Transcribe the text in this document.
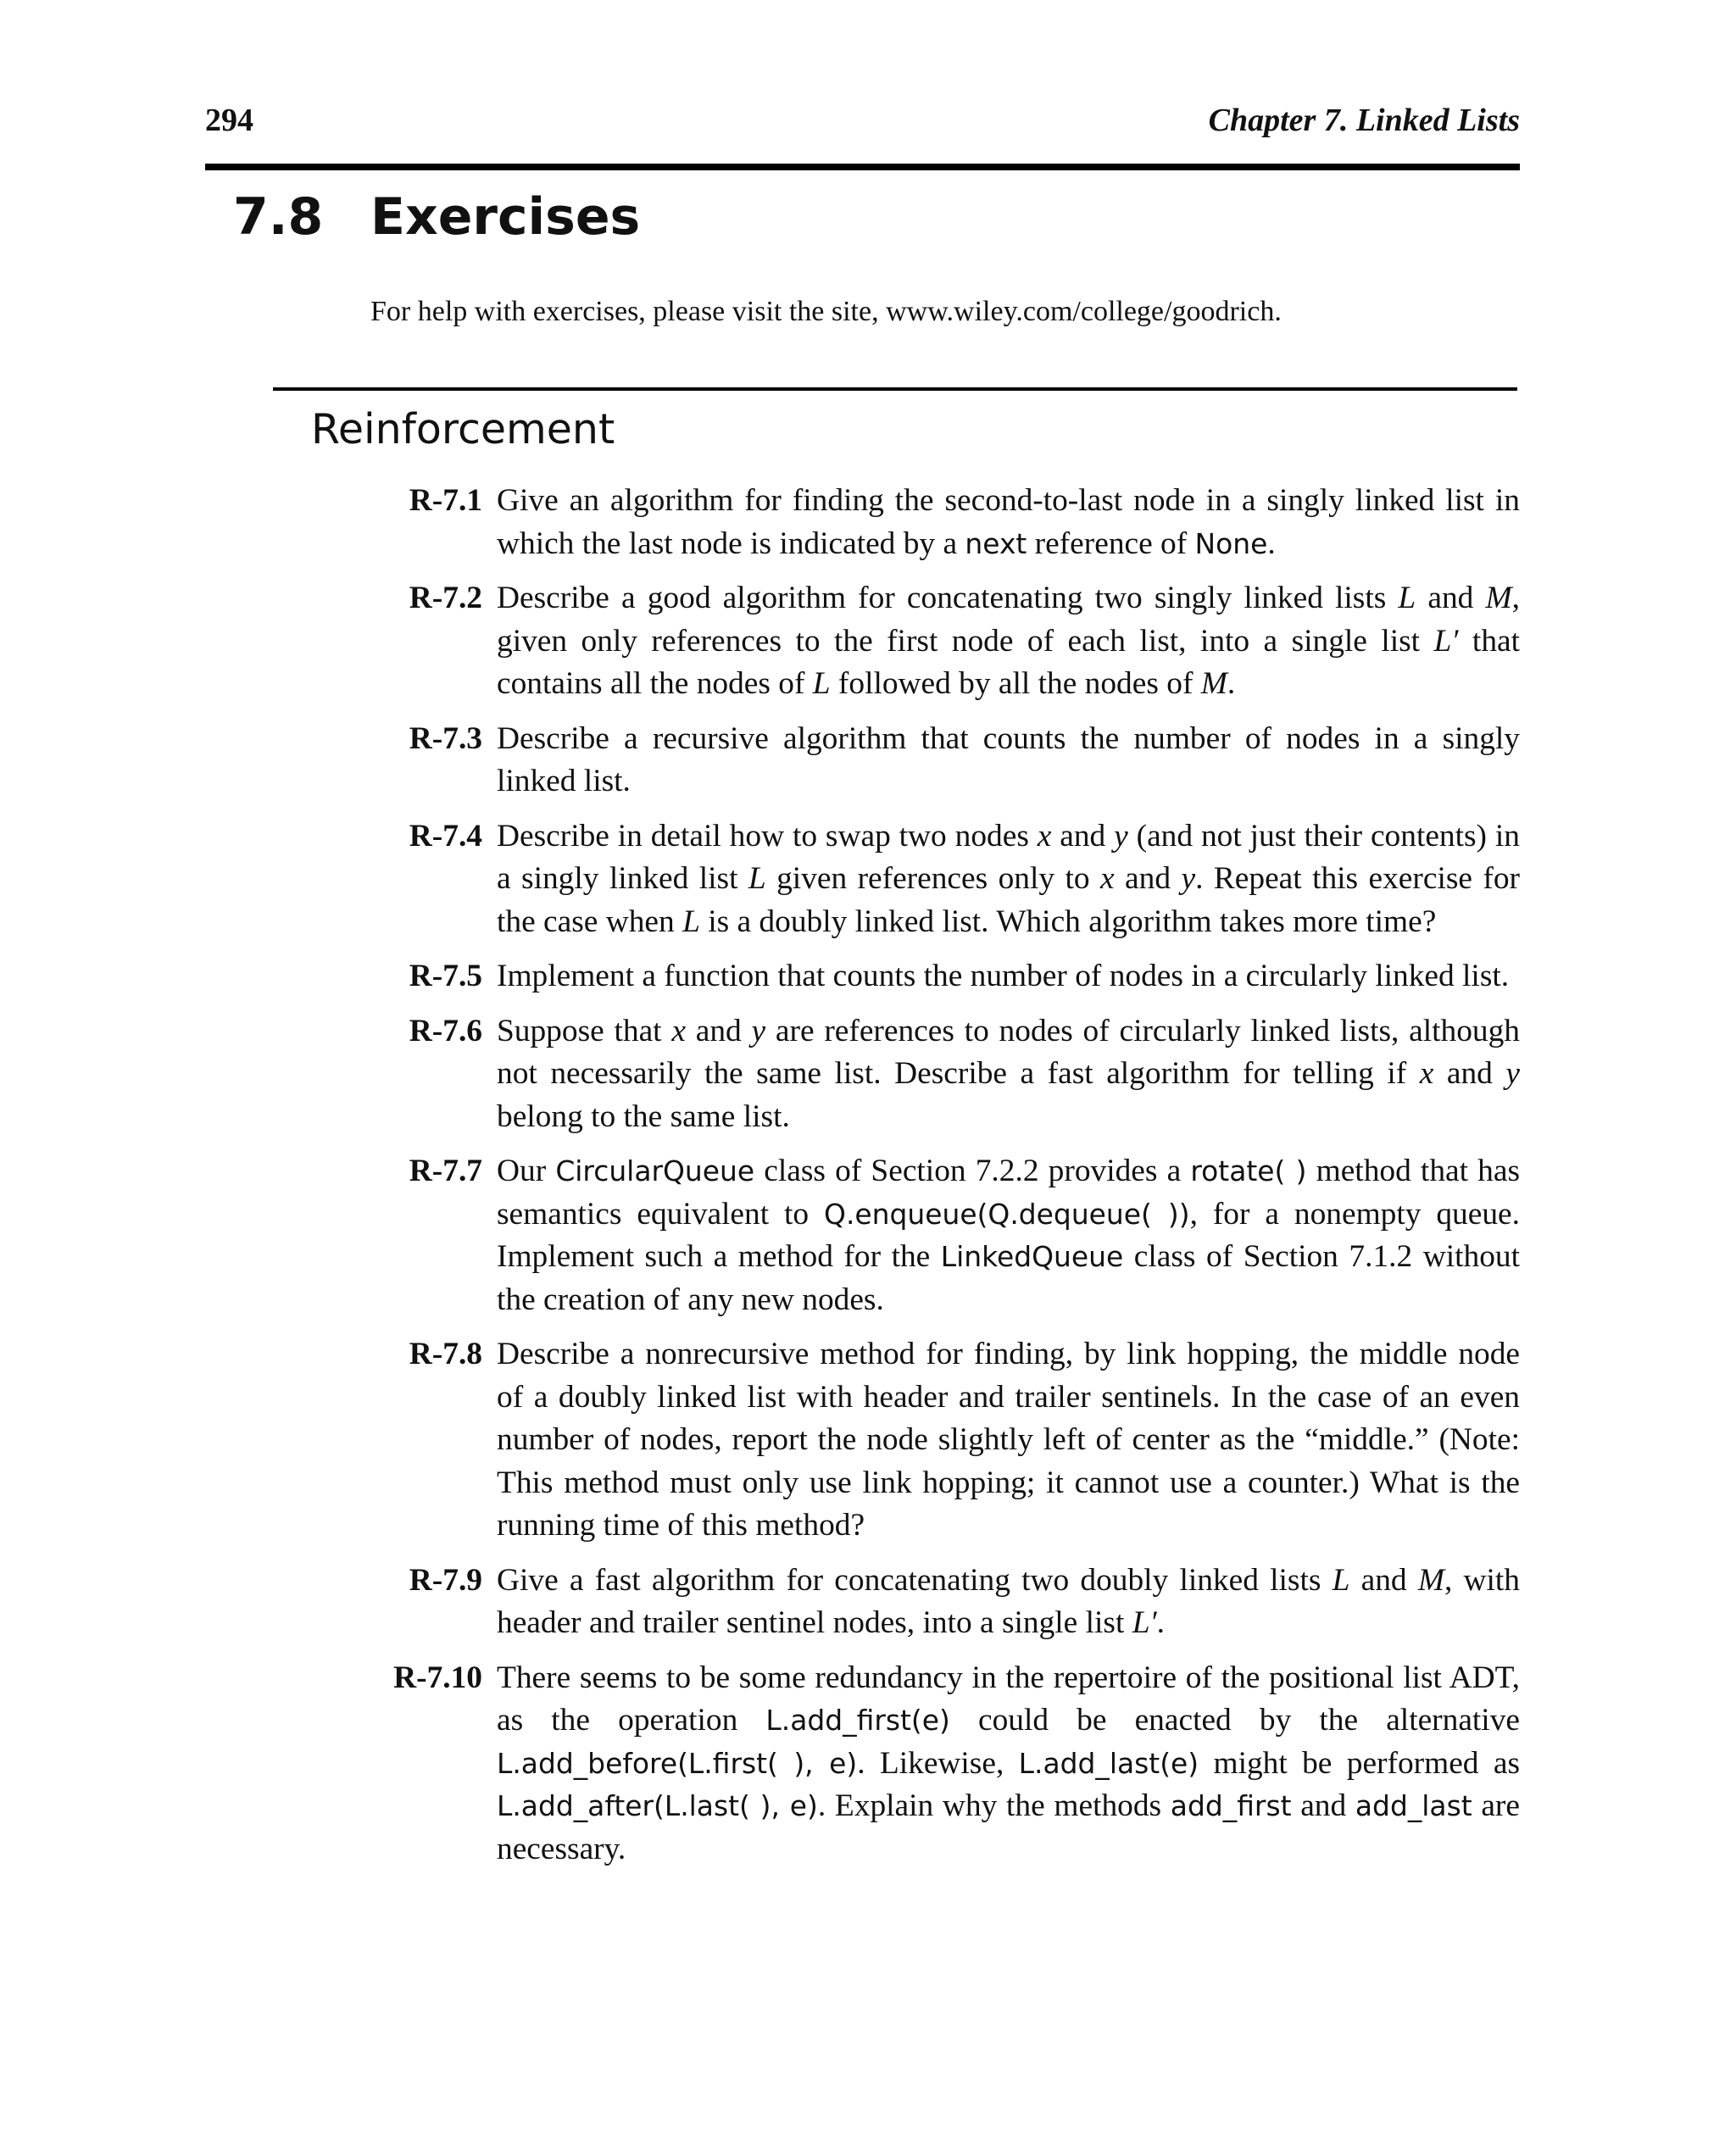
294	Chapter 7. Linked Lists
7.8 Exercises
For help with exercises, please visit the site, www.wiley.com/college/goodrich.
Reinforcement
R-7.1 Give an algorithm for finding the second-to-last node in a singly linked list in which the last node is indicated by a next reference of None.
R-7.2 Describe a good algorithm for concatenating two singly linked lists L and M, given only references to the first node of each list, into a single list L′ that contains all the nodes of L followed by all the nodes of M.
R-7.3 Describe a recursive algorithm that counts the number of nodes in a singly linked list.
R-7.4 Describe in detail how to swap two nodes x and y (and not just their contents) in a singly linked list L given references only to x and y. Repeat this exercise for the case when L is a doubly linked list. Which algorithm takes more time?
R-7.5 Implement a function that counts the number of nodes in a circularly linked list.
R-7.6 Suppose that x and y are references to nodes of circularly linked lists, although not necessarily the same list. Describe a fast algorithm for telling if x and y belong to the same list.
R-7.7 Our CircularQueue class of Section 7.2.2 provides a rotate( ) method that has semantics equivalent to Q.enqueue(Q.dequeue( )), for a nonempty queue. Implement such a method for the LinkedQueue class of Section 7.1.2 without the creation of any new nodes.
R-7.8 Describe a nonrecursive method for finding, by link hopping, the middle node of a doubly linked list with header and trailer sentinels. In the case of an even number of nodes, report the node slightly left of center as the “middle.” (Note: This method must only use link hopping; it cannot use a counter.) What is the running time of this method?
R-7.9 Give a fast algorithm for concatenating two doubly linked lists L and M, with header and trailer sentinel nodes, into a single list L′.
R-7.10 There seems to be some redundancy in the repertoire of the positional list ADT, as the operation L.add_first(e) could be enacted by the alternative L.add_before(L.first( ), e). Likewise, L.add_last(e) might be performed as L.add_after(L.last( ), e). Explain why the methods add_first and add_last are necessary.
